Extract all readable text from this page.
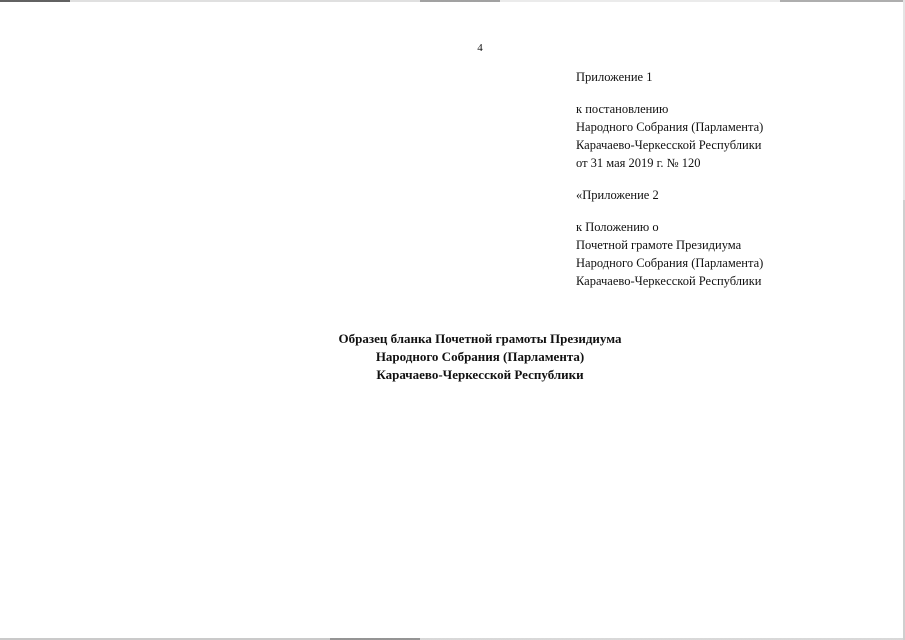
4
Приложение 1
к постановлению
Народного Собрания (Парламента)
Карачаево-Черкесской Республики
от 31 мая 2019 г. № 120
«Приложение 2
к Положению о
Почетной грамоте Президиума
Народного Собрания (Парламента)
Карачаево-Черкесской Республики
Образец бланка Почетной грамоты Президиума
Народного Собрания (Парламента)
Карачаево-Черкесской Республики
